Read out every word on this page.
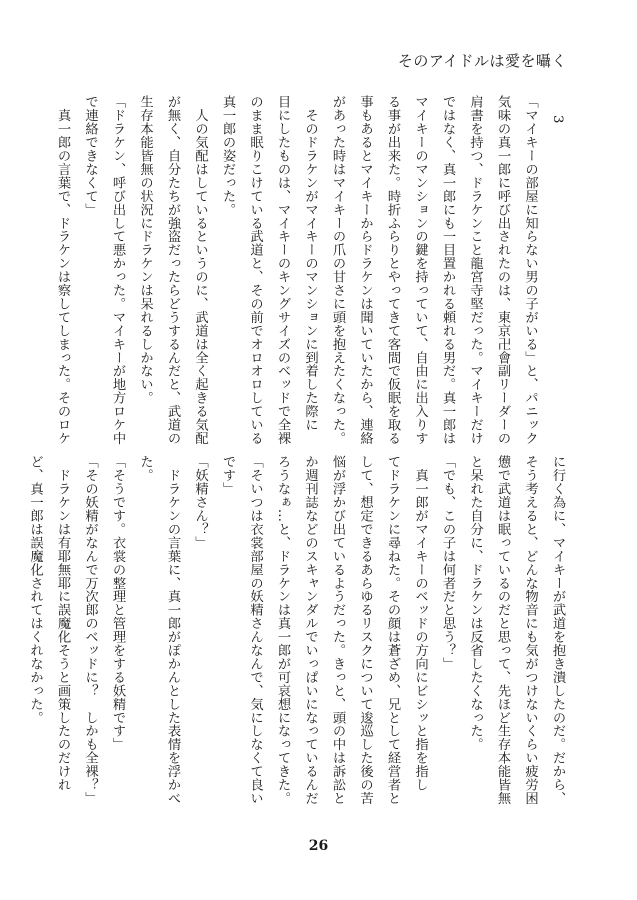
そのアイドルは愛を囁く
3
「マイキーの部屋に知らない男の子がいる」と、パニック
気味の真一郎に呼び出されたのは、東京卍會副リーダーの
肩書を持つ、ドラケンこと龍宮寺堅だった。マイキーだけ
ではなく、真一郎にも一目置かれる頼れる男だ。真一郎は
マイキーのマンションの鍵を持っていて、自由に出入りす
る事が出来た。時折ふらりとやってきて客間で仮眠を取る
事もあるとマイキーからドラケンは聞いていたから、連絡
があった時はマイキーの爪の甘さに頭を抱えたくなった。
　そのドラケンがマイキーのマンションに到着した際に
目にしたものは、マイキーのキングサイズのベッドで全裸
のまま眠りこけている武道と、その前でオロオロしている
真一郎の姿だった。
　人の気配はしているというのに、武道は全く起きる気配
が無く、自分たちが強盗だったらどうするんだと、武道の
生存本能皆無の状況にドラケンは呆れるしかない。
「ドラケン、呼び出して悪かった。マイキーが地方ロケ中
で連絡できなくて」
　真一郎の言葉で、ドラケンは察してしまった。そのロケ
に行く為に、マイキーが武道を抱き潰したのだ。だから、
そう考えると、どんな物音にも気がつけないくらい疲労困
憊で武道は眠っているのだと思って、先ほど生存本能皆無
と呆れた自分に、ドラケンは反省したくなった。
「でも、この子は何者だと思う？」
　真一郎がマイキーのベッドの方向にビシッと指を指し
てドラケンに尋ねた。その顔は蒼ざめ、兄として経営者と
して、想定できるあらゆるリスクについて逡巡した後の苦
悩が浮かび出ているようだった。きっと、頭の中は訴訟と
か週刊誌などのスキャンダルでいっぱいになっているんだ
ろうなぁ…と、ドラケンは真一郎が可哀想になってきた。
「そいつは衣裳部屋の妖精さんなんで、気にしなくて良い
です」
「妖精さん？」
　ドラケンの言葉に、真一郎がぽかんとした表情を浮かべ
た。
「そうです。衣裳の整理と管理をする妖精です」
「その妖精がなんで万次郎のベッドに？　しかも全裸？」
　ドラケンは有耶無耶に誤魔化そうと画策したのだけれ
ど、真一郎は誤魔化されてはくれなかった。
26
